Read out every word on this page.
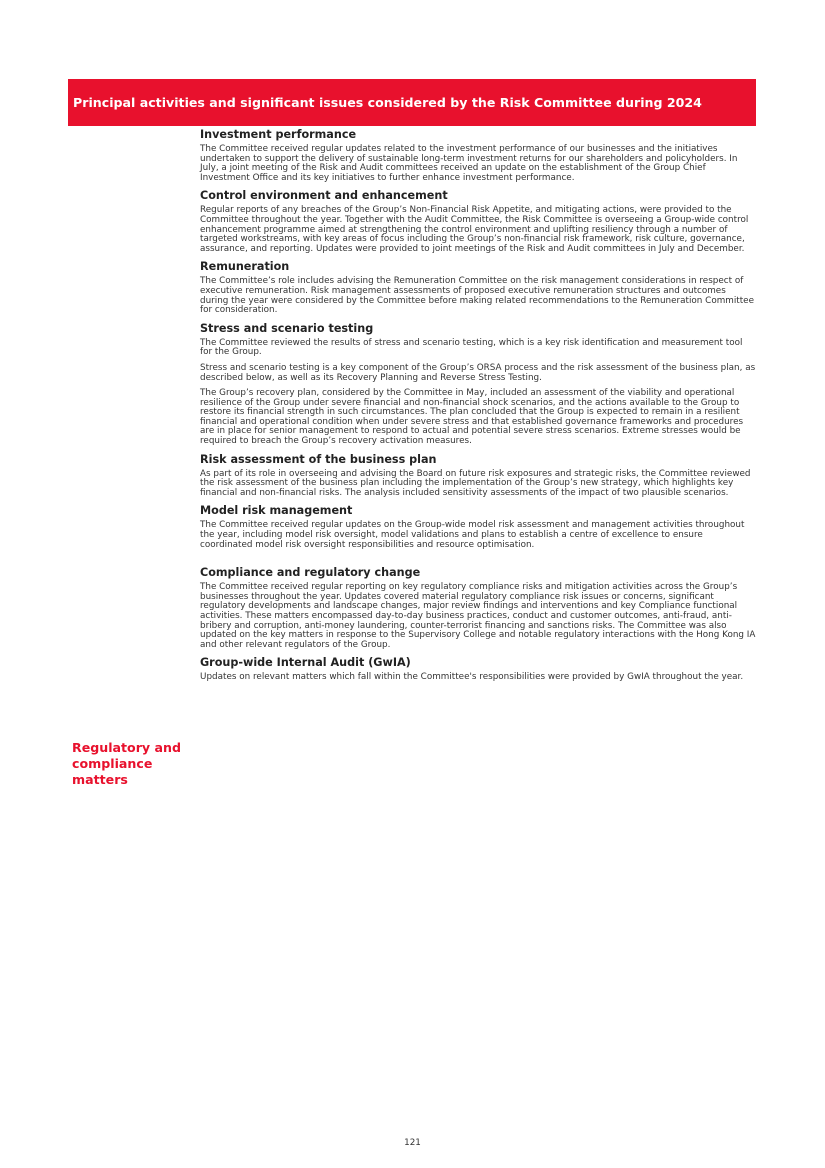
Principal activities and significant issues considered by the Risk Committee during 2024
Regulatory and compliance matters
Investment performance

The Committee received regular updates related to the investment performance of our businesses and the initiatives undertaken to support the delivery of sustainable long-term investment returns for our shareholders and policyholders. In July, a joint meeting of the Risk and Audit committees received an update on the establishment of the Group Chief Investment Office and its key initiatives to further enhance investment performance.

Control environment and enhancement

Regular reports of any breaches of the Group’s Non-Financial Risk Appetite, and mitigating actions, were provided to the Committee throughout the year. Together with the Audit Committee, the Risk Committee is overseeing a Group-wide control enhancement programme aimed at strengthening the control environment and uplifting resiliency through a number of targeted workstreams, with key areas of focus including the Group’s non-financial risk framework, risk culture, governance, assurance, and reporting. Updates were provided to joint meetings of the Risk and Audit committees in July and December.

Remuneration

The Committee’s role includes advising the Remuneration Committee on the risk management considerations in respect of executive remuneration. Risk management assessments of proposed executive remuneration structures and outcomes during the year were considered by the Committee before making related recommendations to the Remuneration Committee for consideration.

Stress and scenario testing

The Committee reviewed the results of stress and scenario testing, which is a key risk identification and measurement tool for the Group.

Stress and scenario testing is a key component of the Group’s ORSA process and the risk assessment of the business plan, as described below, as well as its Recovery Planning and Reverse Stress Testing.

The Group’s recovery plan, considered by the Committee in May, included an assessment of the viability and operational resilience of the Group under severe financial and non-financial shock scenarios, and the actions available to the Group to restore its financial strength in such circumstances. The plan concluded that the Group is expected to remain in a resilient financial and operational condition when under severe stress and that established governance frameworks and procedures are in place for senior management to respond to actual and potential severe stress scenarios. Extreme stresses would be required to breach the Group’s recovery activation measures.

Risk assessment of the business plan

As part of its role in overseeing and advising the Board on future risk exposures and strategic risks, the Committee reviewed the risk assessment of the business plan including the implementation of the Group’s new strategy, which highlights key financial and non-financial risks. The analysis included sensitivity assessments of the impact of two plausible scenarios.

Model risk management

The Committee received regular updates on the Group-wide model risk assessment and management activities throughout the year, including model risk oversight, model validations and plans to establish a centre of excellence to ensure coordinated model risk oversight responsibilities and resource optimisation.

Compliance and regulatory change

The Committee received regular reporting on key regulatory compliance risks and mitigation activities across the Group’s businesses throughout the year. Updates covered material regulatory compliance risk issues or concerns, significant regulatory developments and landscape changes, major review findings and interventions and key Compliance functional activities. These matters encompassed day-to-day business practices, conduct and customer outcomes, anti-fraud, anti-bribery and corruption, anti-money laundering, counter-terrorist financing and sanctions risks. The Committee was also updated on the key matters in response to the Supervisory College and notable regulatory interactions with the Hong Kong IA and other relevant regulators of the Group.

Group-wide Internal Audit (GwIA)

Updates on relevant matters which fall within the Committee's responsibilities were provided by GwIA throughout the year.

121
